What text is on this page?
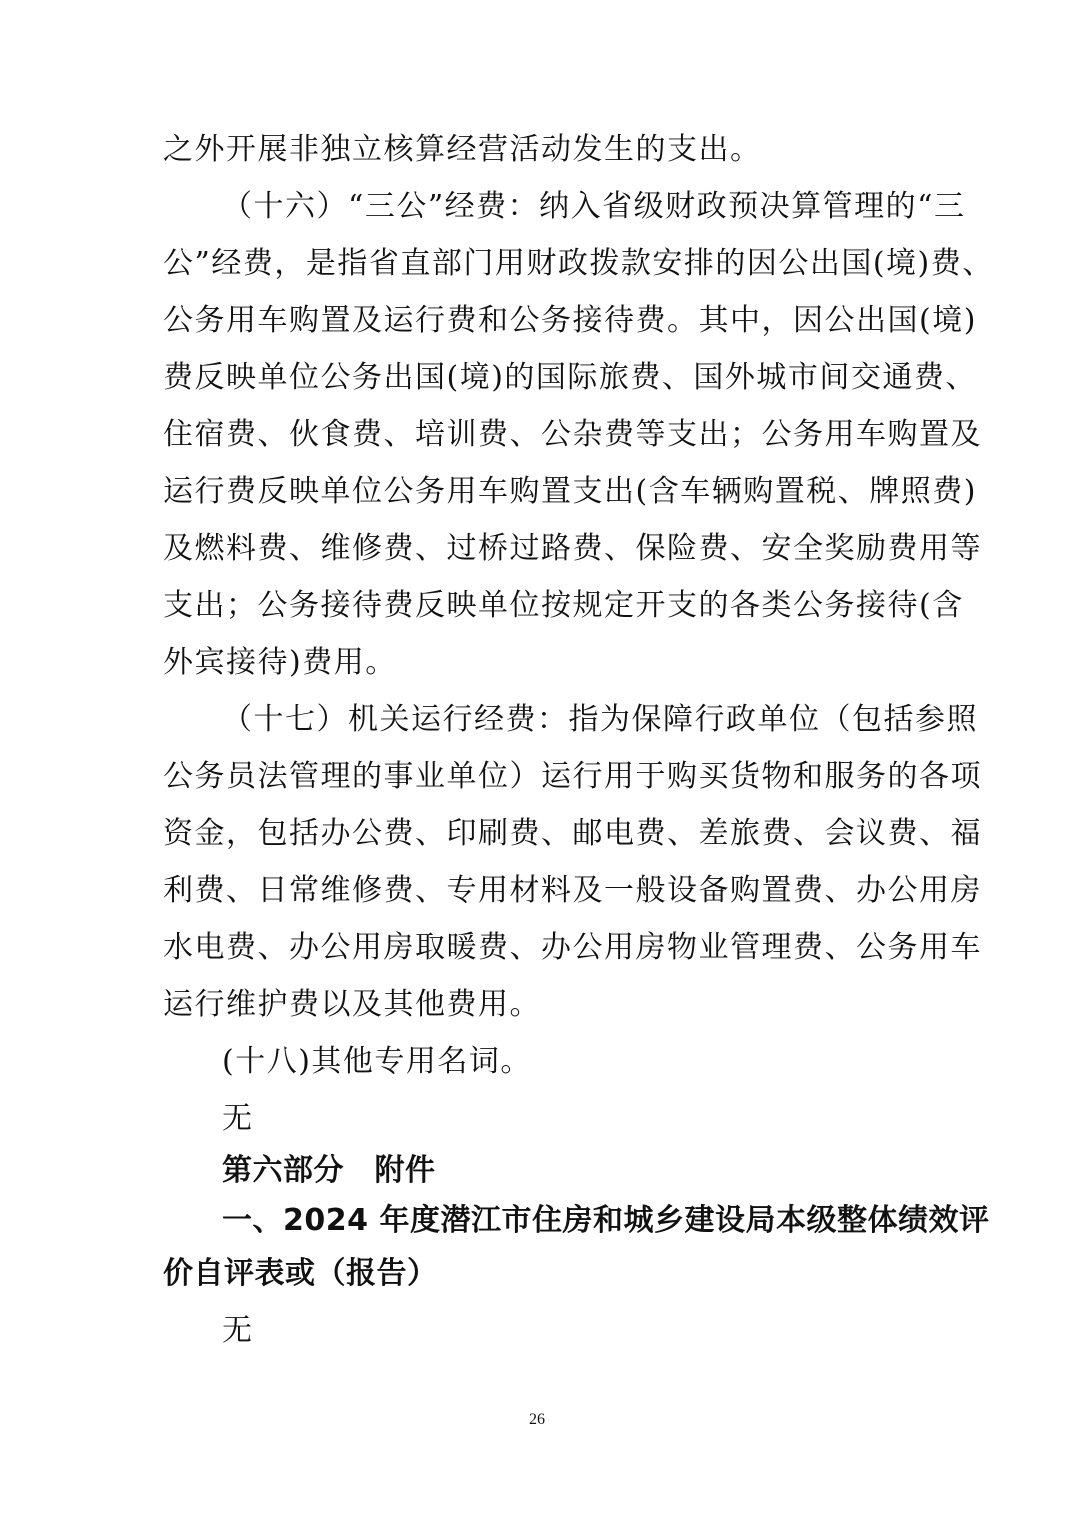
之外开展非独立核算经营活动发生的支出。
（十六）“三公”经费：纳入省级财政预决算管理的“三
公”经费，是指省直部门用财政拨款安排的因公出国(境)费、
公务用车购置及运行费和公务接待费。其中，因公出国(境)
费反映单位公务出国(境)的国际旅费、国外城市间交通费、
住宿费、伙食费、培训费、公杂费等支出；公务用车购置及
运行费反映单位公务用车购置支出(含车辆购置税、牌照费)
及燃料费、维修费、过桥过路费、保险费、安全奖励费用等
支出；公务接待费反映单位按规定开支的各类公务接待(含
外宾接待)费用。
（十七）机关运行经费：指为保障行政单位（包括参照
公务员法管理的事业单位）运行用于购买货物和服务的各项
资金，包括办公费、印刷费、邮电费、差旅费、会议费、福
利费、日常维修费、专用材料及一般设备购置费、办公用房
水电费、办公用房取暖费、办公用房物业管理费、公务用车
运行维护费以及其他费用。
(十八)其他专用名词。
无
第六部分　附件
一、2024 年度潜江市住房和城乡建设局本级整体绩效评
价自评表或（报告）
无
26
